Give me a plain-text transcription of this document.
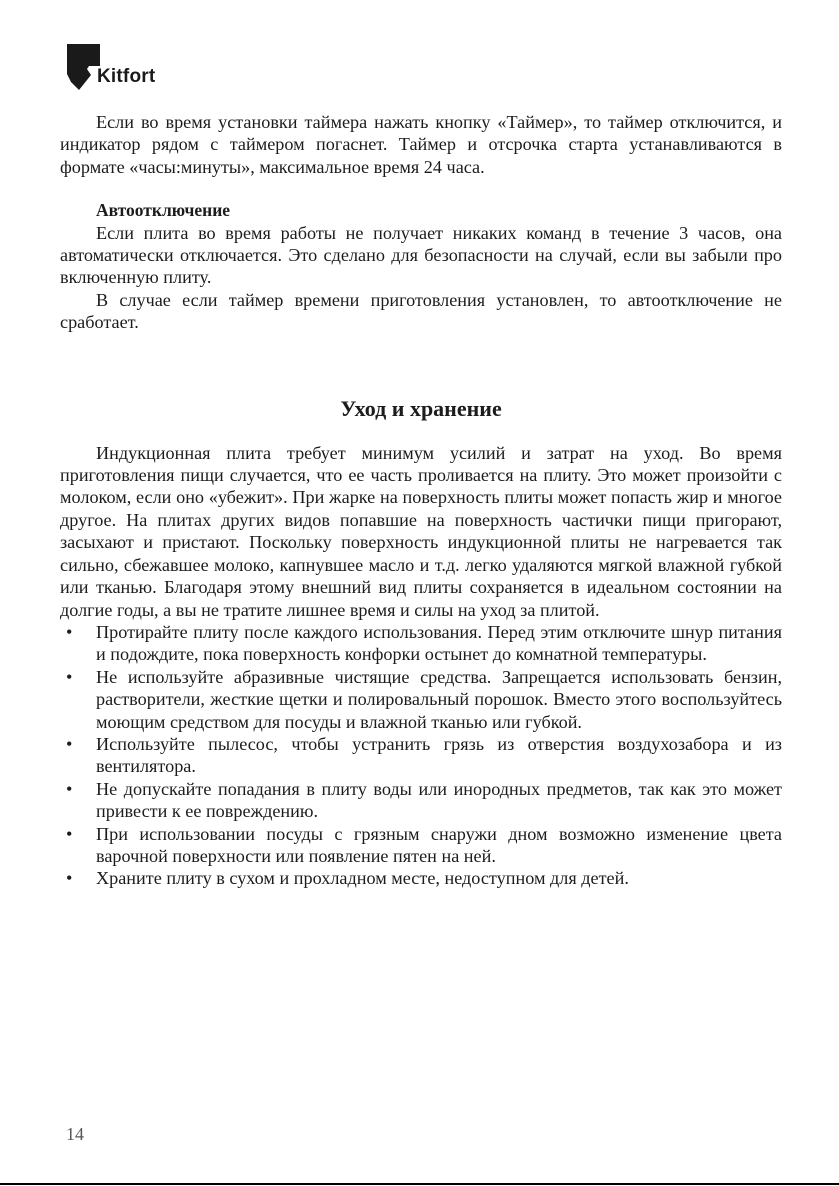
Kitfort

Если во время установки таймера нажать кнопку «Таймер», то таймер отключится, и индикатор рядом с таймером погаснет. Таймер и отсрочка старта устанавливаются в формате «часы:минуты», максимальное время 24 часа.

Автоотключение

Если плита во время работы не получает никаких команд в течение 3 часов, она автоматически отключается. Это сделано для безопасности на случай, если вы забыли про включенную плиту.

В случае если таймер времени приготовления установлен, то автоотключение не сработает.

Уход и хранение

Индукционная плита требует минимум усилий и затрат на уход. Во время приготовления пищи случается, что ее часть проливается на плиту. Это может произойти с молоком, если оно «убежит». При жарке на поверхность плиты может попасть жир и многое другое. На плитах других видов попавшие на поверхность частички пищи пригорают, засыхают и пристают. Поскольку поверхность индукционной плиты не нагревается так сильно, сбежавшее молоко, капнувшее масло и т.д. легко удаляются мягкой влажной губкой или тканью. Благодаря этому внешний вид плиты сохраняется в идеальном состоянии на долгие годы, а вы не тратите лишнее время и силы на уход за плитой.

• Протирайте плиту после каждого использования. Перед этим отключите шнур питания и подождите, пока поверхность конфорки остынет до комнатной температуры.
• Не используйте абразивные чистящие средства. Запрещается использовать бензин, растворители, жесткие щетки и полировальный порошок. Вместо этого воспользуйтесь моющим средством для посуды и влажной тканью или губкой.
• Используйте пылесос, чтобы устранить грязь из отверстия воздухозабора и из вентилятора.
• Не допускайте попадания в плиту воды или инородных предметов, так как это может привести к ее повреждению.
• При использовании посуды с грязным снаружи дном возможно изменение цвета варочной поверхности или появление пятен на ней.
• Храните плиту в сухом и прохладном месте, недоступном для детей.
14
